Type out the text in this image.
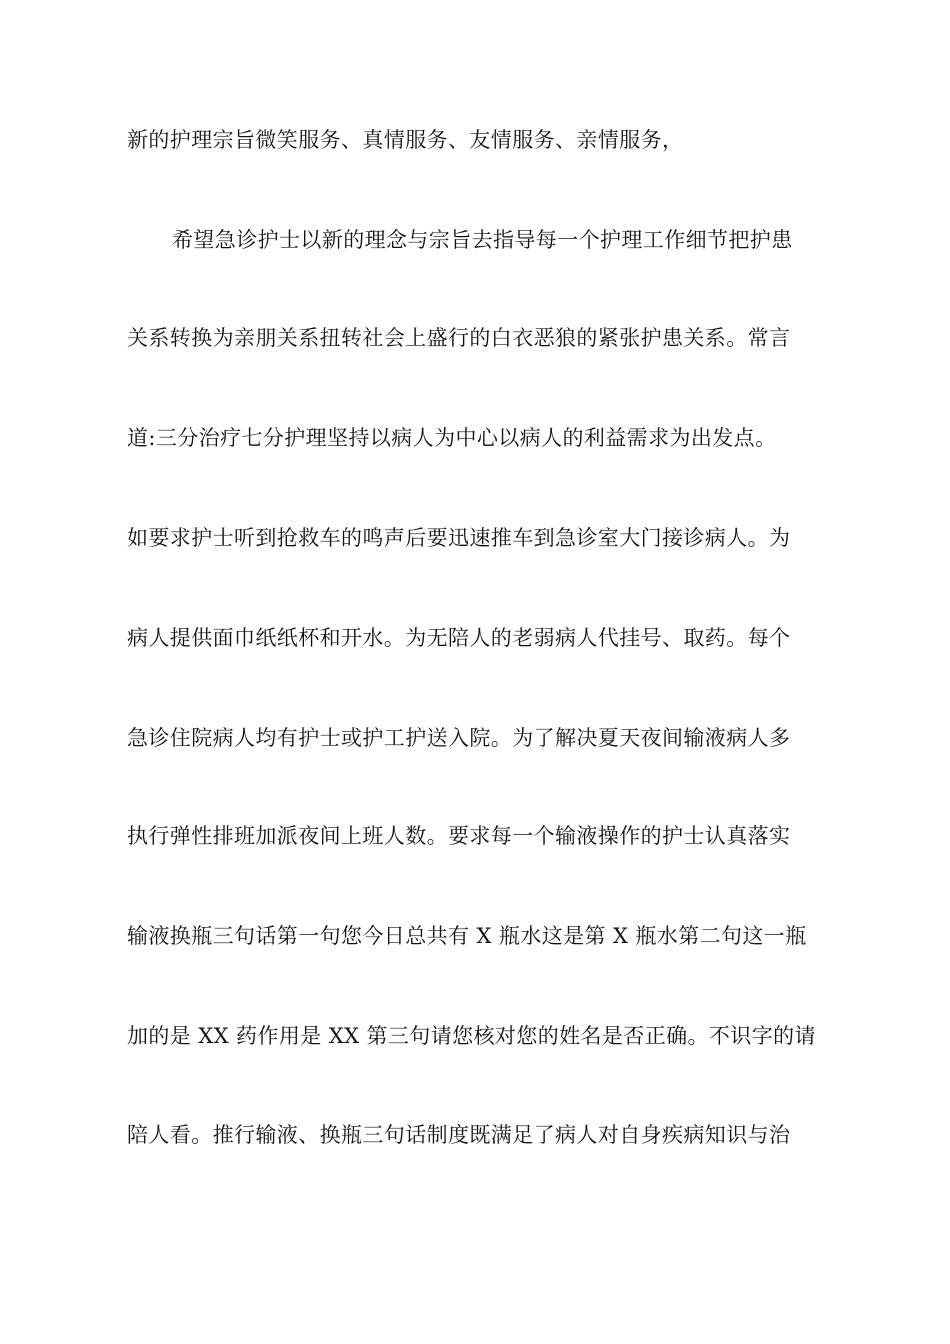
新的护理宗旨微笑服务、真情服务、友情服务、亲情服务，
希望急诊护士以新的理念与宗旨去指导每一个护理工作细节把护患
关系转换为亲朋关系扭转社会上盛行的白衣恶狼的紧张护患关系。常言
道:三分治疗七分护理坚持以病人为中心以病人的利益需求为出发点。
如要求护士听到抢救车的鸣声后要迅速推车到急诊室大门接诊病人。为
病人提供面巾纸纸杯和开水。为无陪人的老弱病人代挂号、取药。每个
急诊住院病人均有护士或护工护送入院。为了解决夏天夜间输液病人多
执行弹性排班加派夜间上班人数。要求每一个输液操作的护士认真落实
输液换瓶三句话第一句您今日总共有 X 瓶水这是第 X 瓶水第二句这一瓶
加的是 XX 药作用是 XX 第三句请您核对您的姓名是否正确。不识字的请
陪人看。推行输液、换瓶三句话制度既满足了病人对自身疾病知识与治
